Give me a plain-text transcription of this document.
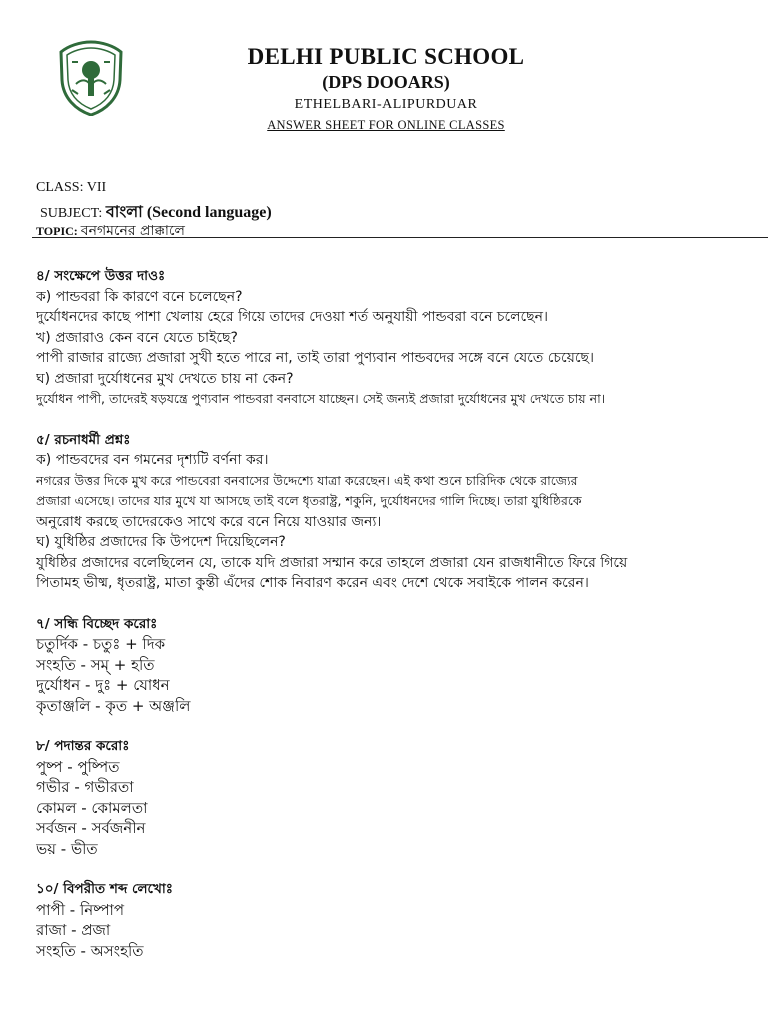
DELHI PUBLIC SCHOOL
(DPS DOOARS)
ETHELBARI-ALIPURDUAR
ANSWER SHEET FOR ONLINE CLASSES
CLASS: VII
SUBJECT: বাংলা (Second language)
TOPIC: বনগমনের প্রাক্কালে
৪/ সংক্ষেপে উত্তর দাওঃ
ক) পান্ডবরা কি কারণে বনে চলেছেন?
দুর্যোধনদের কাছে পাশা খেলায় হেরে গিয়ে তাদের দেওয়া শর্ত অনুযায়ী পান্ডবরা বনে চলেছেন।
খ) প্রজারাও কেন বনে যেতে চাইছে?
পাপী রাজার রাজ্যে প্রজারা সুখী হতে পারে না, তাই তারা পুণ্যবান পান্ডবদের সঙ্গে বনে যেতে চেয়েছে।
ঘ) প্রজারা দুর্যোধনের মুখ দেখতে চায় না কেন?
দুর্যোধন পাপী, তাদেরই ষড়যন্ত্রে পুণ্যবান পান্ডবরা বনবাসে যাচ্ছেন। সেই জন্যই প্রজারা দুর্যোধনের মুখ দেখতে চায় না।
৫/ রচনাধর্মী প্রশ্নঃ
ক) পান্ডবদের বন গমনের দৃশ্যটি বর্ণনা কর।
নগরের উত্তর দিকে মুখ করে পান্ডবেরা বনবাসের উদ্দেশ্যে যাত্রা করেছেন। এই কথা শুনে চারিদিক থেকে রাজ্যের
প্রজারা এসেছে। তাদের যার মুখে যা আসছে তাই বলে ধৃতরাষ্ট্র, শকুনি, দুর্যোধনদের গালি দিচ্ছে। তারা যুধিষ্ঠিরকে
অনুরোধ করছে তাদেরকেও সাথে করে বনে নিয়ে যাওয়ার জন্য।
ঘ) যুধিষ্ঠির প্রজাদের কি উপদেশ দিয়েছিলেন?
যুধিষ্ঠির প্রজাদের বলেছিলেন যে, তাকে যদি প্রজারা সম্মান করে তাহলে প্রজারা যেন রাজধানীতে ফিরে গিয়ে
পিতামহ ভীষ্ম, ধৃতরাষ্ট্র, মাতা কুন্তী এঁদের শোক নিবারণ করেন এবং দেশে থেকে সবাইকে পালন করেন।
৭/ সন্ধি বিচ্ছেদ করোঃ
চতুর্দিক - চতুঃ + দিক
সংহতি - সম্ + হতি
দুর্যোধন - দুঃ + যোধন
কৃতাঞ্জলি - কৃত + অঞ্জলি
৮/ পদান্তর করোঃ
পুষ্প - পুষ্পিত
গভীর - গভীরতা
কোমল - কোমলতা
সর্বজন - সর্বজনীন
ভয় - ভীত
১০/ বিপরীত শব্দ লেখোঃ
পাপী - নিষ্পাপ
রাজা - প্রজা
সংহতি - অসংহতি
